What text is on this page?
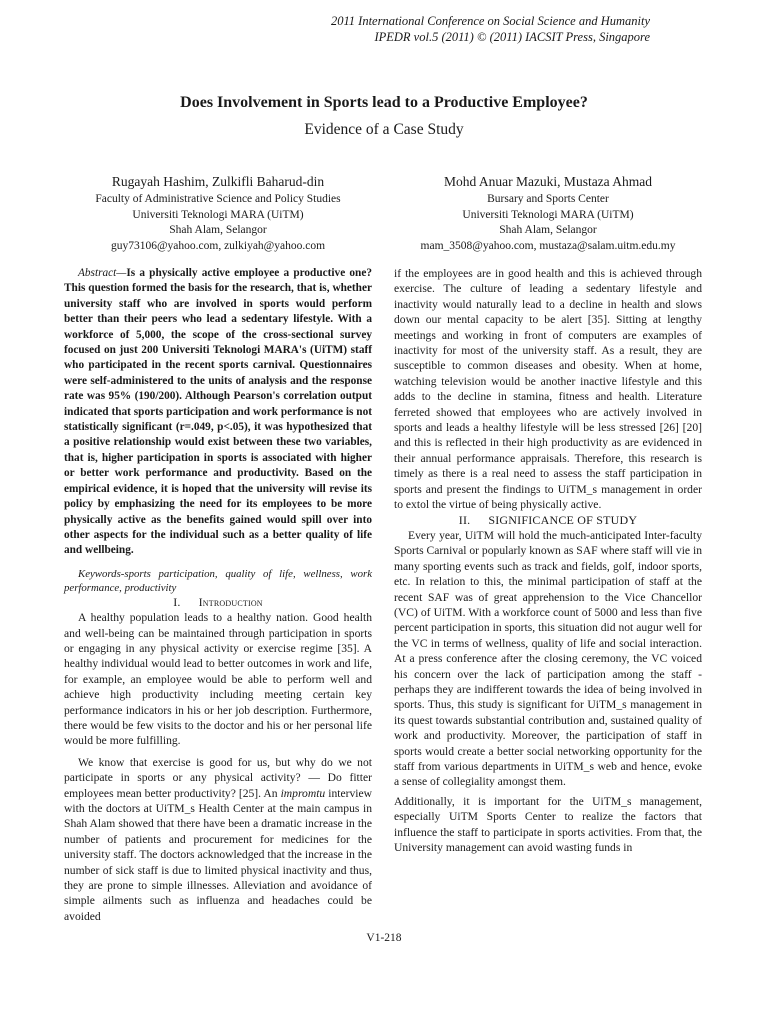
2011 International Conference on Social Science and Humanity
IPEDR vol.5 (2011) © (2011) IACSIT Press, Singapore
Does Involvement in Sports lead to a Productive Employee?
Evidence of a Case Study
Rugayah Hashim, Zulkifli Baharud-din
Faculty of Administrative Science and Policy Studies
Universiti Teknologi MARA (UiTM)
Shah Alam, Selangor
guy73106@yahoo.com, zulkiyah@yahoo.com
Mohd Anuar Mazuki, Mustaza Ahmad
Bursary and Sports Center
Universiti Teknologi MARA (UiTM)
Shah Alam, Selangor
mam_3508@yahoo.com, mustaza@salam.uitm.edu.my

Abstract—Is a physically active employee a productive one? This question formed the basis for the research, that is, whether university staff who are involved in sports would perform better than their peers who lead a sedentary lifestyle. With a workforce of 5,000, the scope of the cross-sectional survey focused on just 200 Universiti Teknologi MARA's (UiTM) staff who participated in the recent sports carnival. Questionnaires were self-administered to the units of analysis and the response rate was 95% (190/200). Although Pearson's correlation output indicated that sports participation and work performance is not statistically significant (r=.049, p<.05), it was hypothesized that a positive relationship would exist between these two variables, that is, higher participation in sports is associated with higher or better work performance and productivity. Based on the empirical evidence, it is hoped that the university will revise its policy by emphasizing the need for its employees to be more physically active as the benefits gained would spill over into other aspects for the individual such as a better quality of life and wellbeing.

Keywords-sports participation, quality of life, wellness, work performance, productivity

I. Introduction

A healthy population leads to a healthy nation. Good health and well-being can be maintained through participation in sports or engaging in any physical activity or exercise regime [35]. A healthy individual would lead to better outcomes in work and life, for example, an employee would be able to perform well and achieve high productivity including meeting certain key performance indicators in his or her job description. Furthermore, there would be few visits to the doctor and his or her personal life would be more fulfilling.

We know that exercise is good for us, but why do we not participate in sports or any physical activity? — Do fitter employees mean better productivity? [25]. An impromtu interview with the doctors at UiTM_s Health Center at the main campus in Shah Alam showed that there have been a dramatic increase in the number of patients and procurement for medicines for the university staff. The doctors acknowledged that the increase in the number of sick staff is due to limited physical inactivity and thus, they are prone to simple illnesses. Alleviation and avoidance of simple ailments such as influenza and headaches could be avoided

if the employees are in good health and this is achieved through exercise. The culture of leading a sedentary lifestyle and inactivity would naturally lead to a decline in health and slows down our mental capacity to be alert [35]. Sitting at lengthy meetings and working in front of computers are examples of inactivity for most of the university staff. As a result, they are susceptible to common diseases and obesity. When at home, watching television would be another inactive lifestyle and this adds to the decline in stamina, fitness and health. Literature ferreted showed that employees who are actively involved in sports and leads a healthy lifestyle will be less stressed [26] [20] and this is reflected in their high productivity as are evidenced in their annual performance appraisals. Therefore, this research is timely as there is a real need to assess the staff participation in sports and present the findings to UiTM_s management in order to extol the virtue of being physically active.

II. SIGNIFICANCE OF STUDY

Every year, UiTM will hold the much-anticipated Inter-faculty Sports Carnival or popularly known as SAF where staff will vie in many sporting events such as track and fields, golf, indoor sports, etc. In relation to this, the minimal participation of staff at the recent SAF was of great apprehension to the Vice Chancellor (VC) of UiTM. With a workforce count of 5000 and less than five percent participation in sports, this situation did not augur well for the VC in terms of wellness, quality of life and social interaction. At a press conference after the closing ceremony, the VC voiced his concern over the lack of participation among the staff - perhaps they are indifferent towards the idea of being involved in sports. Thus, this study is significant for UiTM_s management in its quest towards substantial contribution and, sustained quality of work and productivity. Moreover, the participation of staff in sports would create a better social networking opportunity for the staff from various departments in UiTM_s web and hence, evoke a sense of collegiality amongst them.

Additionally, it is important for the UiTM_s management, especially UiTM Sports Center to realize the factors that influence the staff to participate in sports activities. From that, the University management can avoid wasting funds in

V1-218
